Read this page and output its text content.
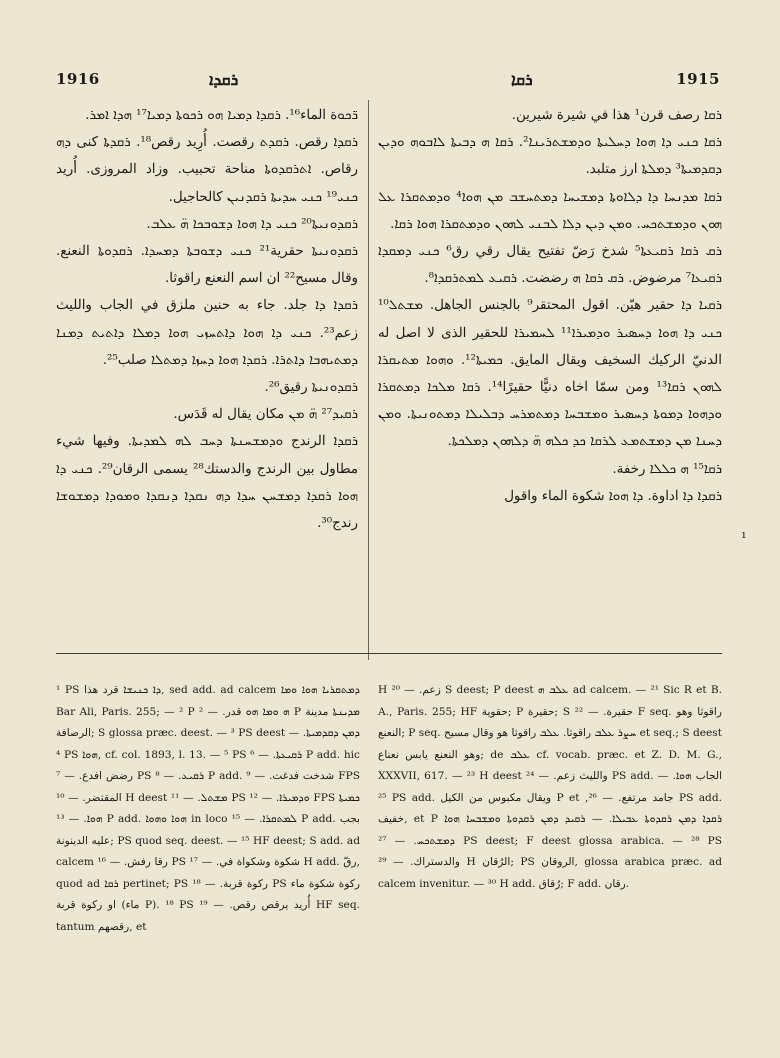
1916	ܪܩܕܐ	ܪܩܐ	1915

ܪ݁ܟܘة الماء¹⁶. ܪܩܕܐ ܕܡܝܐ ܗܘ ܪܟܘܬܐ ܕܡܝܐ¹⁷ ܗܕܐ ܐܡܪ.

ܪܩܕܐ رقص. ܪܩܕܬ رقصت. أُرِيد رقص¹⁸. ܪܩܕܬܐ كنى ܕܗ رقاص. ܐܬܪܩܕܘܬܐ مناحة تحبيب. وزاد المروزى. أُريد ܟܢܝ¹⁹ ܟܢܝ ܚܕܝܬܐ ܪܩܕܢܝܢ كالحاجيل.

ܪܩܕܘܢܝܬܐ²⁰ ܟܢܝ ܕܐ ܗܘܐ ܕܫܘܒܟܐ ܗ̈ ܥܠܒ.

ܪܩܕܘܢܝܬܐ حقرية²¹ ܟܢܝ ܕܫܘܒܬܐ ܕܡܚܕܐ. ܪܩܕܘܬܐ النعنع. وقال مسيح²² ان اسم النعنع راقوثا.

ܪܩܕܐ ܕܐ جلد. جاء به حنين ملزق في الجاب والليث زعم²³. ܟܢܝ ܕܐ ܗܘܐ ܕܐܬܚܙܝ ܗܘܐ ܕܡܠܐ ܕܐܬܝܬ ܕܡܢܐ ܕܡܬܝܗܒܐ ܕܐܬܪܐ. ܪܩܕܐ ܗܘܐ ܕܚܙܐ ܕܡܬܠܐ صلب²⁵.

ܪܩܕܘܢܝܬܐ رقيق²⁶.

ܪܩܝܕ²⁷ ܗ̈ ܡܢ مكان يقال له قَدَس.

ܪܩܕܐ الرندج ܘܕܡܫܚܢܬܐ ܕܚܒ ܠܗ ܠܡܕܝܬܐ. وفيها شيء مطاول بين الرندج والدستك²⁸ يسمى الرقان²⁹. ܟܢܝ ܕܐ ܗܘܐ ܪܩܕܐ ܕܡܫܚܢ ܚܕܐ ܕܗ ܢܩܕܐ ܕܢܩܕܐ ܘܡܘܕܐ ܕܡܫܘܫܐ رندج³⁰.

ܪܩܐ رصف قرن¹ هذا في شيرة شيرين.

ܪܩܐ ܟܢܝ ܕܐ ܗܘܐ ܕܚܠܝܬܐ ܘܕܡܫܬܪܝܢܐ². ܪܩܐ ܗ ܕܒܝܬܐ ܠܐܒܘܗ ܘܕܝܢ ܕܩܕܡܝܬܐ³ ܕܡܠܬܐ ارز متلبد.

ܪܩܐ ܡܕܢܚܐ ܕܐ ܕܠܐܘܬܐ ܕܡܫܝܚܐ ܕܡܬܚܫܒ ܡܢ ܗܘܐ⁴ ܘܕܡܬܩܪܐ ܥܠ ܗܘܢ ܘܕܡܫܬܟܚ. ܘܡܢ ܕܝܢ ܕܠܐ ܠܒܢܝ ܠܗܘܢ ܘܕܡܬܩܪܐ ܗܘܐ ܪܩܐ.

ܪܩ ܪܩܐ ܪܩܝܥܬܐ⁵ شدخ رَضّ تفتيح يقال رقي رق⁶ ܟܢܝ ܕܡܩܕܐ ܪܩܝܥܐ⁷ مرضوض. ܪܩ ܪܩܐ ܗ رضضت. ܪܩܝܥ ܠܡܬܪܩܕܐ⁸.

ܪܩܝܐ ܕܐ حقير هيّن. اقول المحتقر⁹ بالجنس الجاهل. ܡܫܬܠ¹⁰ ܟܢܝ ܕܐ ܗܘܐ ܕܚܣܝܪ ܘܕܡܝܪܐ¹¹ ܠܚܡܝܪܐ للحقير الذى لا اصل له الدنيّ الركيك السخيف ويقال المايق. ܟܡܝܬܐ¹². ܘܗܘܐ ܡܬܝܩܪܐ ܠܗܘܢ ܪܩܐ¹³ ومن سمّا اخاه دنيًّا حقيرًا¹⁴. ܪܩܐ ܡܠܟܐ ܕܡܬܩܪܐ ܘܕܗܘܐ ܕܡܘܬܐ ܕܚܣܝܪ ܘܡܫܒܚܐ ܕܡܬܡܪܚ ܕܒܠܝܠܐ ܕܡܬܘܢܝܬܐ. ܘܡܢ ܕܚܢܐ ܡܢ ܕܡܫܬܡܥ ܠܪܩܐ ܟܕ ܟܠܗ ܗ̈ ܕܠܗܘܢ ܕܡܠܟܬܐ.

ܪܩܐ¹⁵ ܗ ܟܠܠܐ رخفة.

ܪܩܕܐ ܕܐ اداوة. ܕܐ ܗܘܐ شكوة الماء واقول

ı

¹ PS ܕܐ ܟܢܝܫܐ قرد هذا, sed add. ad calcem ܕܡܬܩܪܝܐ ܗܘܐ ܘܡܐ Bar Ali, Paris. 255; — ² P ܗ ܘܡܐ ܗܘ قدر. — ² P ܡܕܝܢܬܐ مدينة الرصافة; S glossa præc. deest. — ³ PS deest ܕܡܢ ܕܩܕܡܝܬܐ. — ⁴ PS ܗܘܐ, cf. col. 1893, l. 13. — ⁵ PS ܪܩܝܥܬܐ. — ⁶ P add. hic رضض افدع. — ⁷ PS ܪܩܝܥ. — ⁸ P add. شدخت فدغت. — ⁹ FPS المقتضر. — ¹⁰ H deest ܡܫܬܠ. — ¹¹ PS ܘܕܡܝܪܐ. — ¹² FPS ܟܡܝܬܐ ܗܘܐ. — ¹³ P add. ܗܘܐ ܘܗܘܐ in loco ܠܡܬܩܪܐ. — ¹⁵ P add. بجب عليه الدينونة; PS quod seq. deest. — ¹⁵ HF deest; S add. ad calcem رقا رفش. — ¹⁶ PS شكوة وشكواة في. — ¹⁷ H add. رقّ, quod ad ܪܩܐ pertinet; PS ركوة قربة. — ¹⁸ PS ركوة شكوة ماء او ركوة قربة (ماء P). ¹⁸ PS أُريد يرقص رقص. — ¹⁹ HF seq. tantum رقصهم, et

H زعم. — ²⁰ S deest; P deest ܥܠܒ ܗ ad calcem. — ²¹ Sic R et B. A., Paris. 255; HF حقوية; P حقيرة; S حقيرة. — ²² F seq. راقوثا وهو النعنع; P seq. ܚܨܪ ܥܠܒ راقوثا. ܥܠܒ راقوثا هو وقال مسيح et seq.; S deest وهو النعنع يابس نعناع; de ܥܠܒ cf. vocab. præc. et Z. D. M. G., XXXVII, 617. — ²³ H deest والليث زعم. — ²⁴ PS add. الجاب ܗܘܐ. — ²⁵ PS add. ويقال مكبوس من الكيل P et ,جامد مرتفع. — ²⁶ PS add. خفيف, et P ܪܩܕܐ ܕܡܢ ܪܩܕܘܬܐ ܥܒܝܠܐ. — ܪܩܝܕ ܕܡܢ ܪܩܕܘܬܐ ܘܡܫܒܚܐ ܗܘܐ ܕܡܫܬܟܚ. — ²⁷ PS deest; F deest glossa arabica. — ²⁸ PS والدستراك. — ²⁹ H الرُقان; PS الروقان, glossa arabica præc. ad calcem invenitur. — ³⁰ H add. رُقاق; F add. رقان.
